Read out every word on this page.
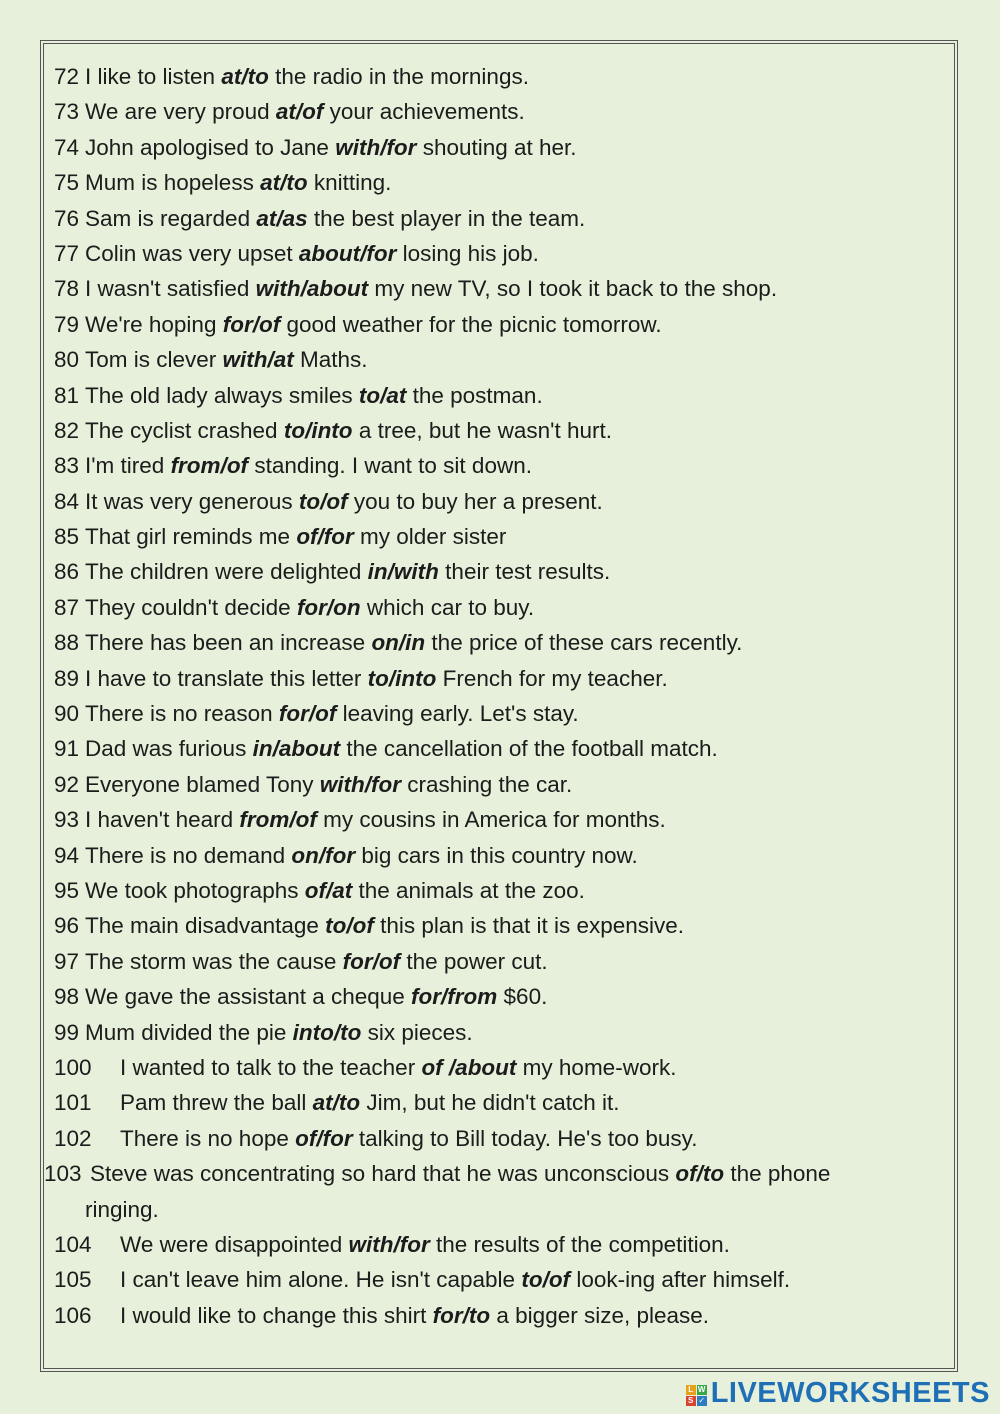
72 I like to listen at/to the radio in the mornings.
73 We are very proud at/of your achievements.
74 John apologised to Jane with/for shouting at her.
75 Mum is hopeless at/to knitting.
76 Sam is regarded at/as the best player in the team.
77 Colin was very upset about/for losing his job.
78 I wasn't satisfied with/about my new TV, so I took it back to the shop.
79 We're hoping for/of good weather for the picnic tomorrow.
80 Tom is clever with/at Maths.
81 The old lady always smiles to/at the postman.
82 The cyclist crashed to/into a tree, but he wasn't hurt.
83 I'm tired from/of standing. I want to sit down.
84 It was very generous to/of you to buy her a present.
85 That girl reminds me of/for my older sister
86 The children were delighted in/with their test results.
87 They couldn't decide for/on which car to buy.
88 There has been an increase on/in the price of these cars recently.
89 I have to translate this letter to/into French for my teacher.
90 There is no reason for/of leaving early. Let's stay.
91 Dad was furious in/about the cancellation of the football match.
92 Everyone blamed Tony with/for crashing the car.
93 I haven't heard from/of my cousins in America for months.
94 There is no demand on/for big cars in this country now.
95 We took photographs of/at the animals at the zoo.
96 The main disadvantage to/of this plan is that it is expensive.
97 The storm was the cause for/of the power cut.
98 We gave the assistant a cheque for/from $60.
99 Mum divided the pie into/to six pieces.
100 I wanted to talk to the teacher of /about my home-work.
101 Pam threw the ball at/to Jim, but he didn't catch it.
102 There is no hope of/for talking to Bill today. He's too busy.
103 Steve was concentrating so hard that he was unconscious of/to the phone
ringing.
104 We were disappointed with/for the results of the competition.
105 I can't leave him alone. He isn't capable to/of look-ing after himself.
106 I would like to change this shirt for/to a bigger size, please.
L W
S ✓ LIVEWORKSHEETS
